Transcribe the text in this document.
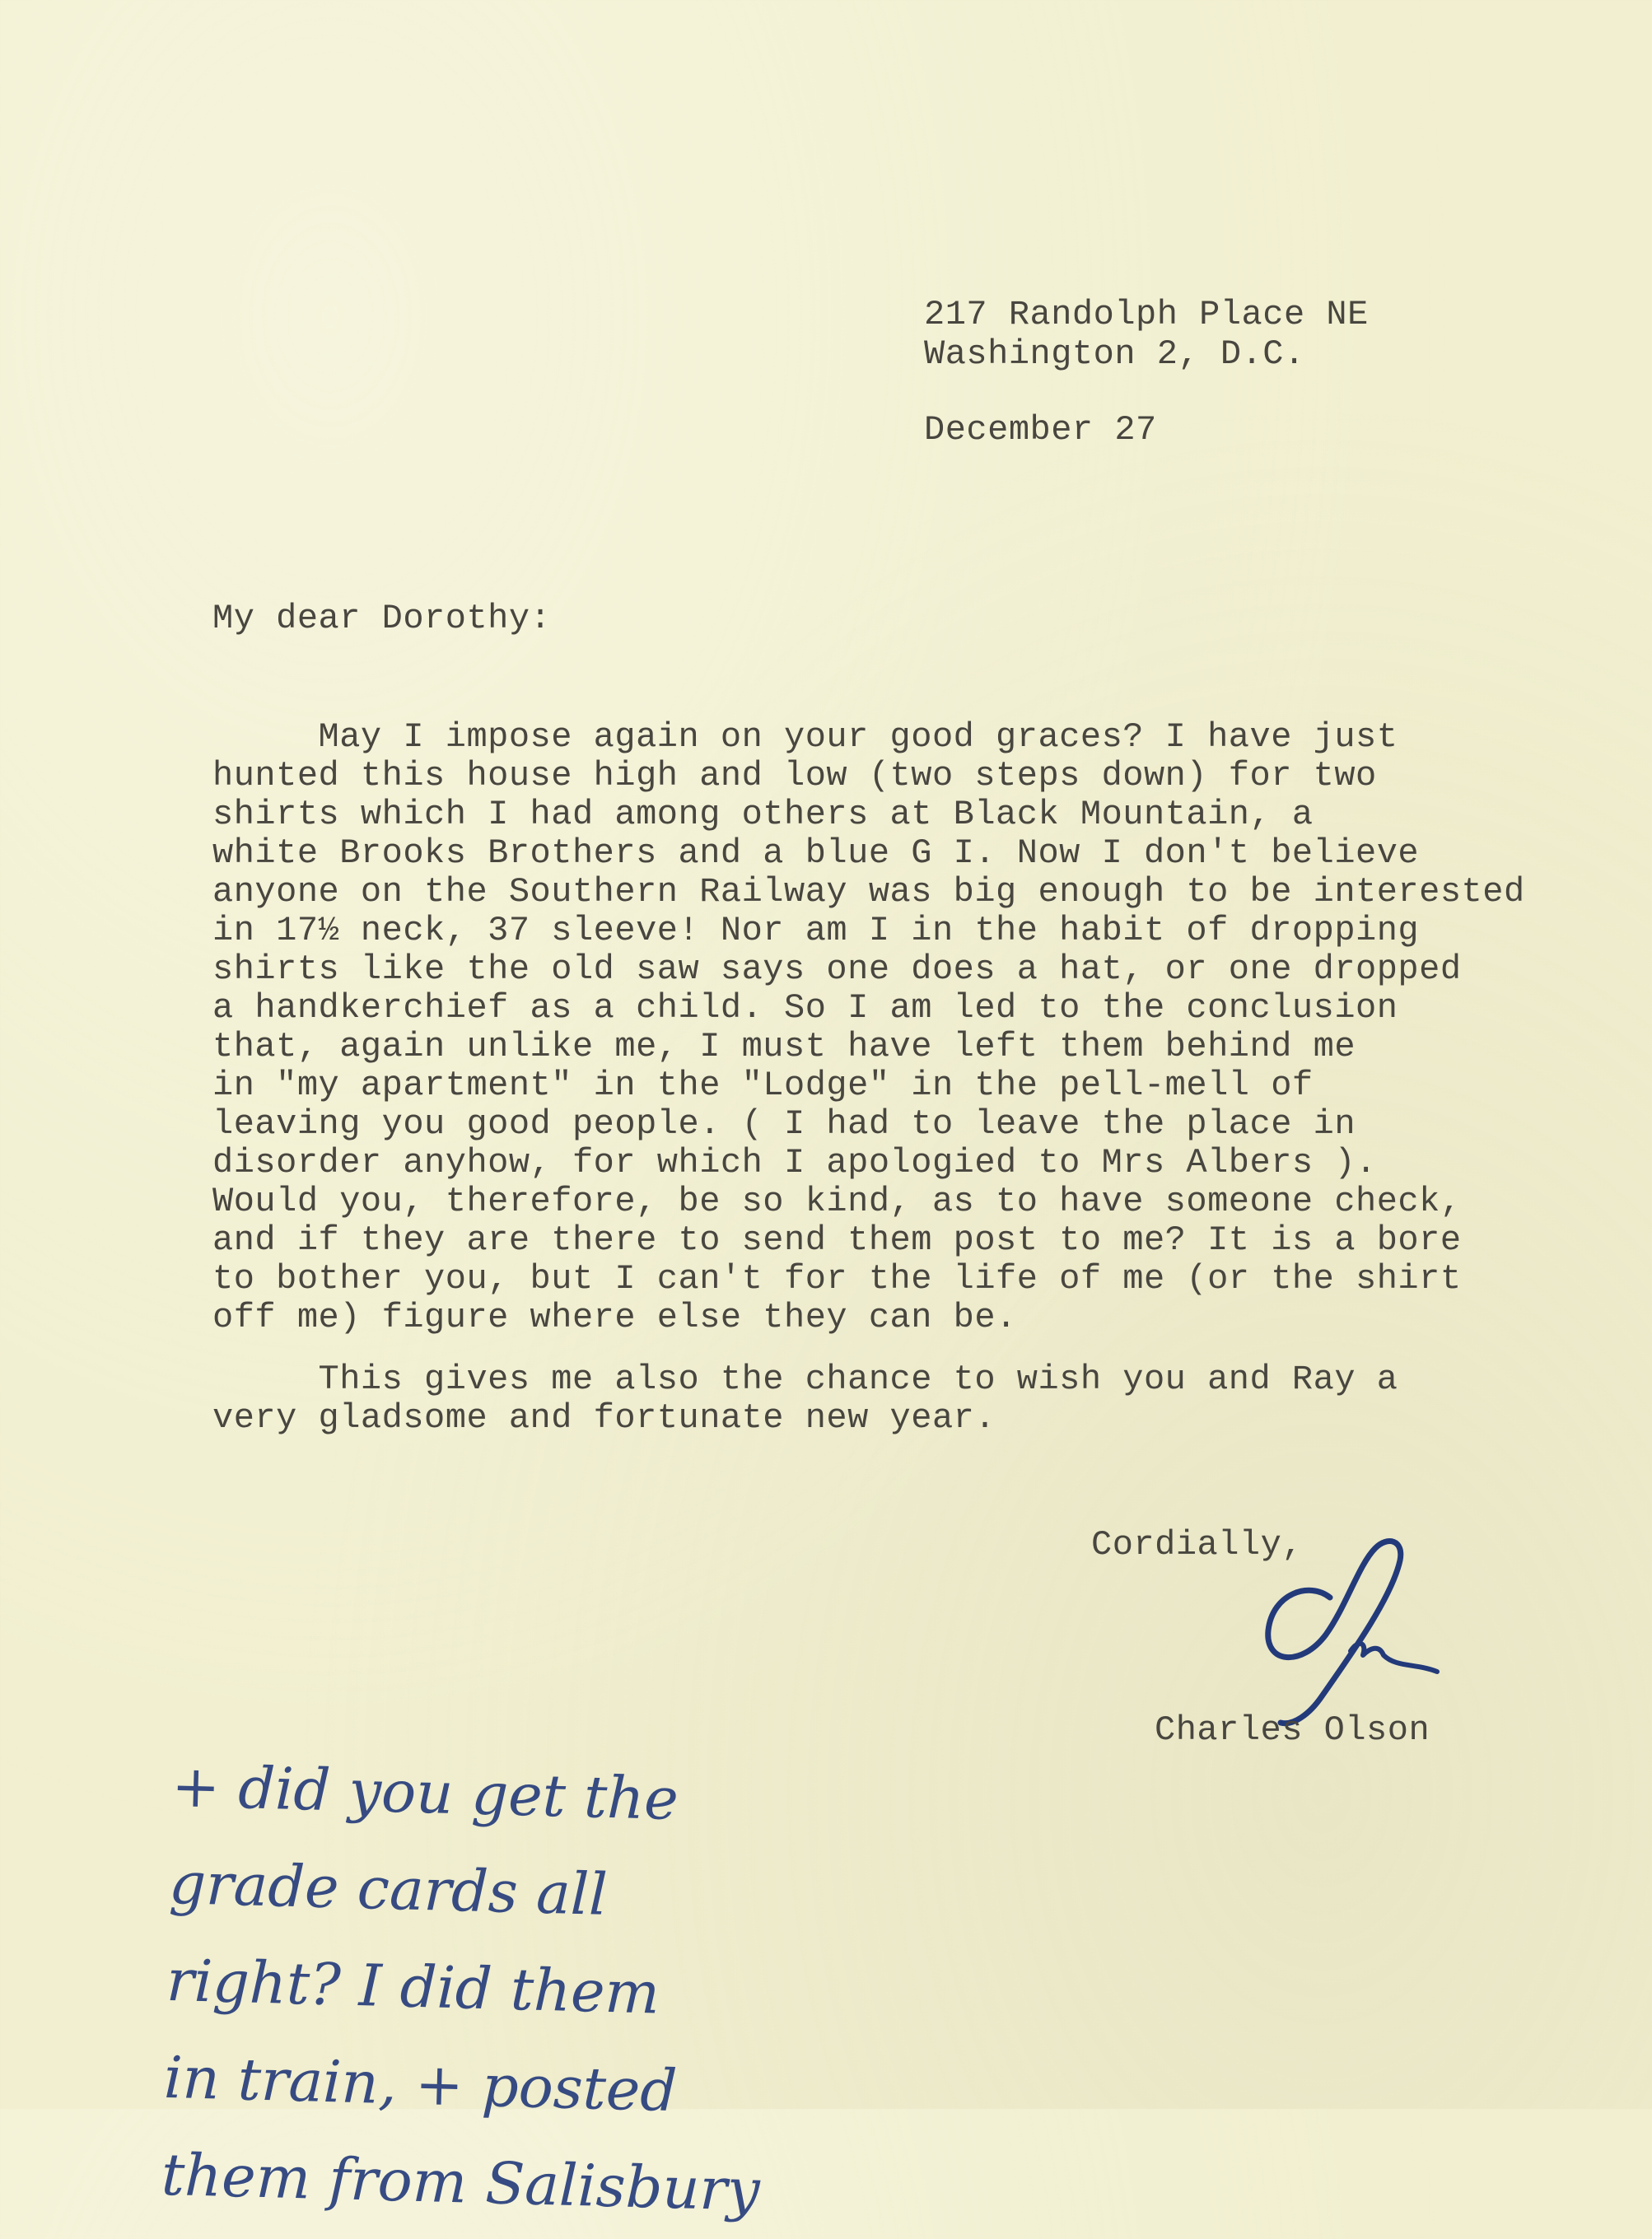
217 Randolph Place NE
Washington 2, D.C.
December 27
My dear Dorothy:
May I impose again on your good graces? I have just
hunted this house high and low (two steps down) for two
shirts which I had among others at Black Mountain, a
white Brooks Brothers and a blue G I. Now I don't believe
anyone on the Southern Railway was big enough to be interested
in 17½ neck, 37 sleeve! Nor am I in the habit of dropping
shirts like the old saw says one does a hat, or one dropped
a handkerchief as a child. So I am led to the conclusion
that, again unlike me, I must have left them behind me
in "my apartment" in the "Lodge" in the pell-mell of
leaving you good people. ( I had to leave the place in
disorder anyhow, for which I apologied to Mrs Albers ).
Would you, therefore, be so kind, as to have someone check,
and if they are there to send them post to me? It is a bore
to bother you, but I can't for the life of me (or the shirt
off me) figure where else they can be.
This gives me also the chance to wish you and Ray a
very gladsome and fortunate new year.
Cordially,
Charles Olson
+ did you get the
grade cards all
right? I did them
in train, + posted
them from Salisbury
